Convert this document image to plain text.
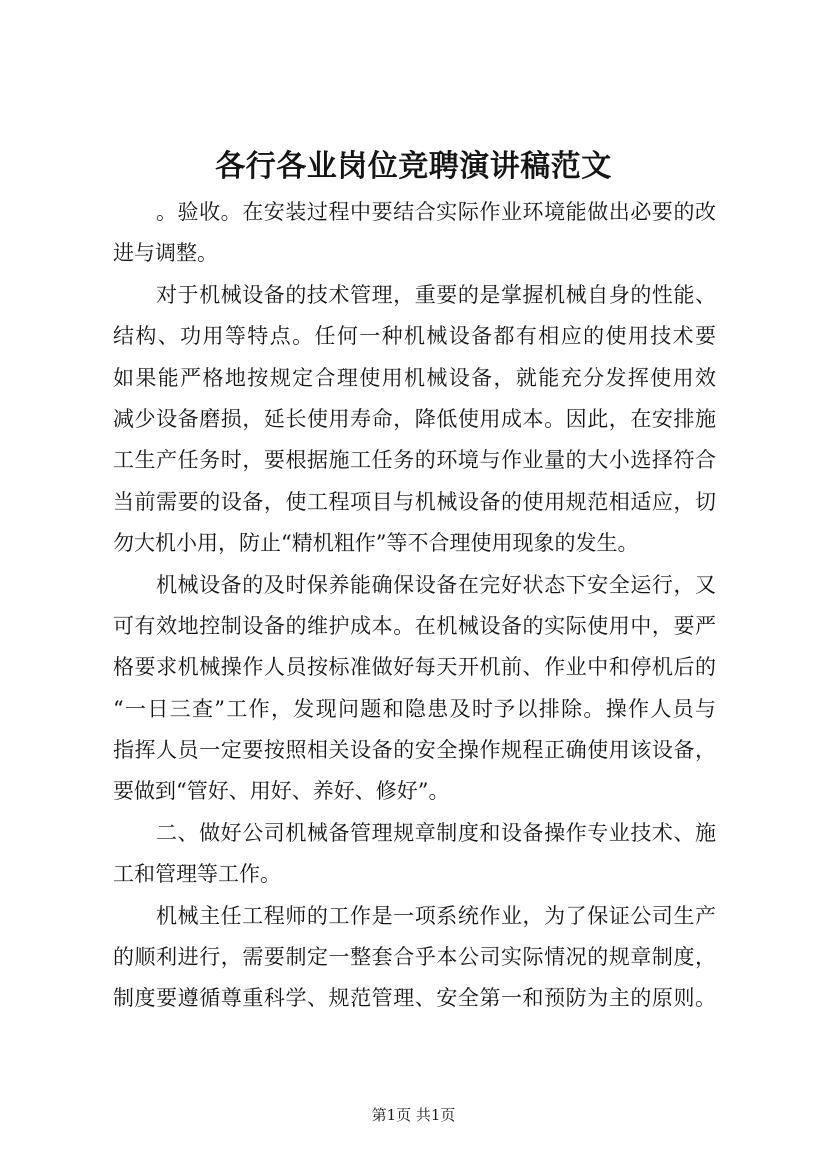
各行各业岗位竞聘演讲稿范文
。验收。在安装过程中要结合实际作业环境能做出必要的改
进与调整。
对于机械设备的技术管理，重要的是掌握机械自身的性能、
结构、功用等特点。任何一种机械设备都有相应的使用技术要
如果能严格地按规定合理使用机械设备，就能充分发挥使用效
减少设备磨损，延长使用寿命，降低使用成本。因此，在安排施
工生产任务时，要根据施工任务的环境与作业量的大小选择符合
当前需要的设备，使工程项目与机械设备的使用规范相适应，切
勿大机小用，防止“精机粗作”等不合理使用现象的发生。
机械设备的及时保养能确保设备在完好状态下安全运行，又
可有效地控制设备的维护成本。在机械设备的实际使用中，要严
格要求机械操作人员按标准做好每天开机前、作业中和停机后的
“一日三查”工作，发现问题和隐患及时予以排除。操作人员与
指挥人员一定要按照相关设备的安全操作规程正确使用该设备，
要做到“管好、用好、养好、修好”。
二、做好公司机械备管理规章制度和设备操作专业技术、施
工和管理等工作。
机械主任工程师的工作是一项系统作业，为了保证公司生产
的顺利进行，需要制定一整套合乎本公司实际情况的规章制度，
制度要遵循尊重科学、规范管理、安全第一和预防为主的原则。
第1页 共1页
